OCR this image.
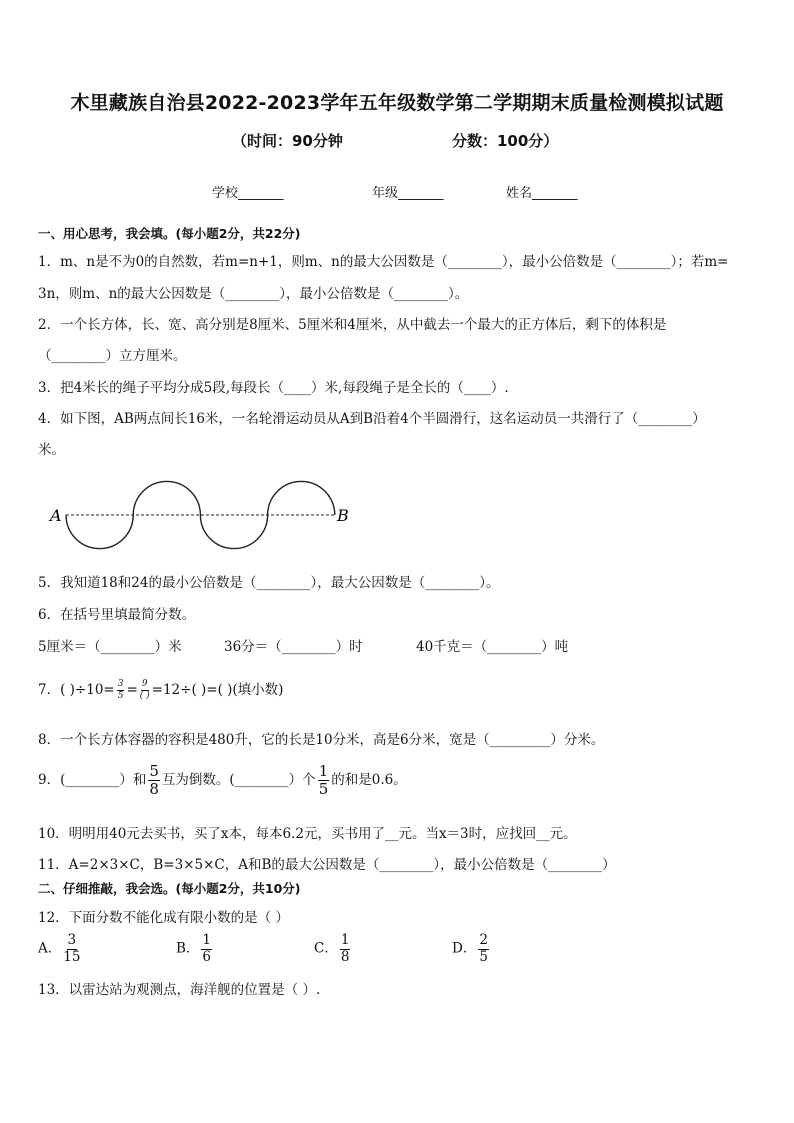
木里藏族自治县2022-2023学年五年级数学第二学期期末质量检测模拟试题
（时间：90分钟	分数：100分）
学校_______	年级_______	姓名_______
一、用心思考，我会填。(每小题2分，共22分)
1．m、n是不为0的自然数，若m=n+1，则m、n的最大公因数是（________），最小公倍数是（________）；若m=
3n，则m、n的最大公因数是（________），最小公倍数是（________）。
2．一个长方体，长、宽、高分别是8厘米、5厘米和4厘米，从中截去一个最大的正方体后，剩下的体积是
（________）立方厘米。
3．把4米长的绳子平均分成5段,每段长（____）米,每段绳子是全长的（____）.
4．如下图，AB两点间长16米，一名轮滑运动员从A到B沿着4个半圆滑行，这名运动员一共滑行了（________）
米。
A	B
5．我知道18和24的最小公倍数是（________），最大公因数是（________）。
6．在括号里填最简分数。
5厘米＝（________）米	36分＝（________）时	40千克＝（________）吨
7．( )$\div 10= \frac{3}{5} = \frac{9}{( )} =12\div$( )=( )(填小数)
8．一个长方体容器的容积是480升，它的长是10分米，高是6分米，宽是（_________）分米。
9．(________）和 $\frac{5}{8}$ 互为倒数。(________）个 $\frac{1}{5}$ 的和是0.6。
10．明明用40元去买书，买了x本，每本6.2元，买书用了__元。当x＝3时，应找回__元。
11．A=2×3×C，B=3×5×C，A和B的最大公因数是（________），最小公倍数是（________）
二、仔细推敲，我会选。(每小题2分，共10分)
12．下面分数不能化成有限小数的是（ ）
A． $\frac{3}{15}$	B． $\frac{1}{6}$	C． $\frac{1}{8}$	D． $\frac{2}{5}$
13．以雷达站为观测点，海洋舰的位置是（ ）.
